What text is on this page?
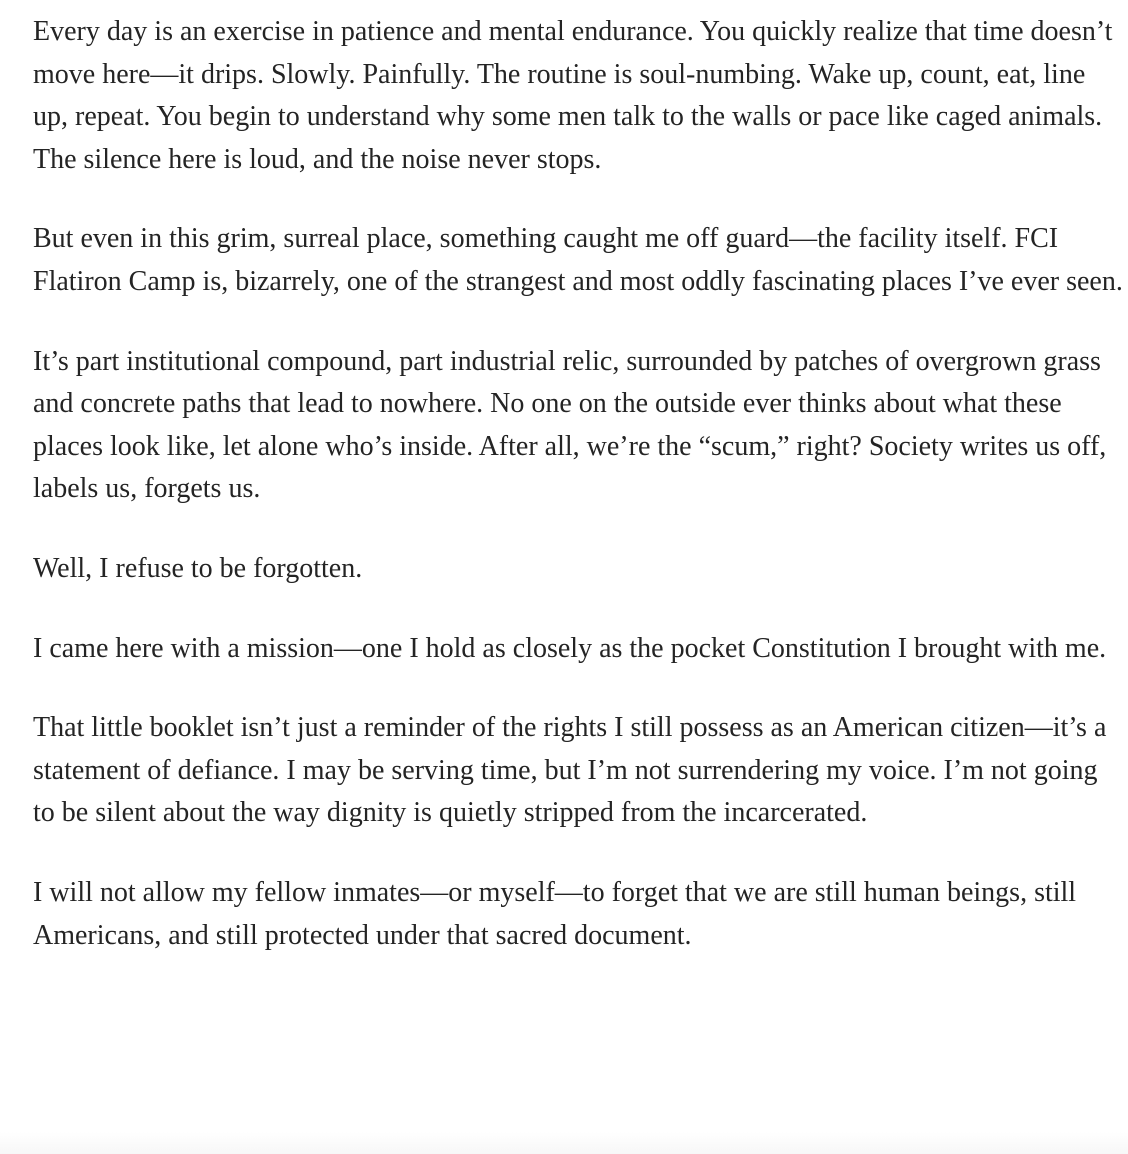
Every day is an exercise in patience and mental endurance. You quickly realize that time doesn’t move here—it drips. Slowly. Painfully. The routine is soul-numbing. Wake up, count, eat, line up, repeat. You begin to understand why some men talk to the walls or pace like caged animals. The silence here is loud, and the noise never stops.

But even in this grim, surreal place, something caught me off guard—the facility itself. FCI Flatiron Camp is, bizarrely, one of the strangest and most oddly fascinating places I’ve ever seen.

It’s part institutional compound, part industrial relic, surrounded by patches of overgrown grass and concrete paths that lead to nowhere. No one on the outside ever thinks about what these places look like, let alone who’s inside. After all, we’re the “scum,” right? Society writes us off, labels us, forgets us.

Well, I refuse to be forgotten.

I came here with a mission—one I hold as closely as the pocket Constitution I brought with me.

That little booklet isn’t just a reminder of the rights I still possess as an American citizen—it’s a statement of defiance. I may be serving time, but I’m not surrendering my voice. I’m not going to be silent about the way dignity is quietly stripped from the incarcerated.

I will not allow my fellow inmates—or myself—to forget that we are still human beings, still Americans, and still protected under that sacred document.
